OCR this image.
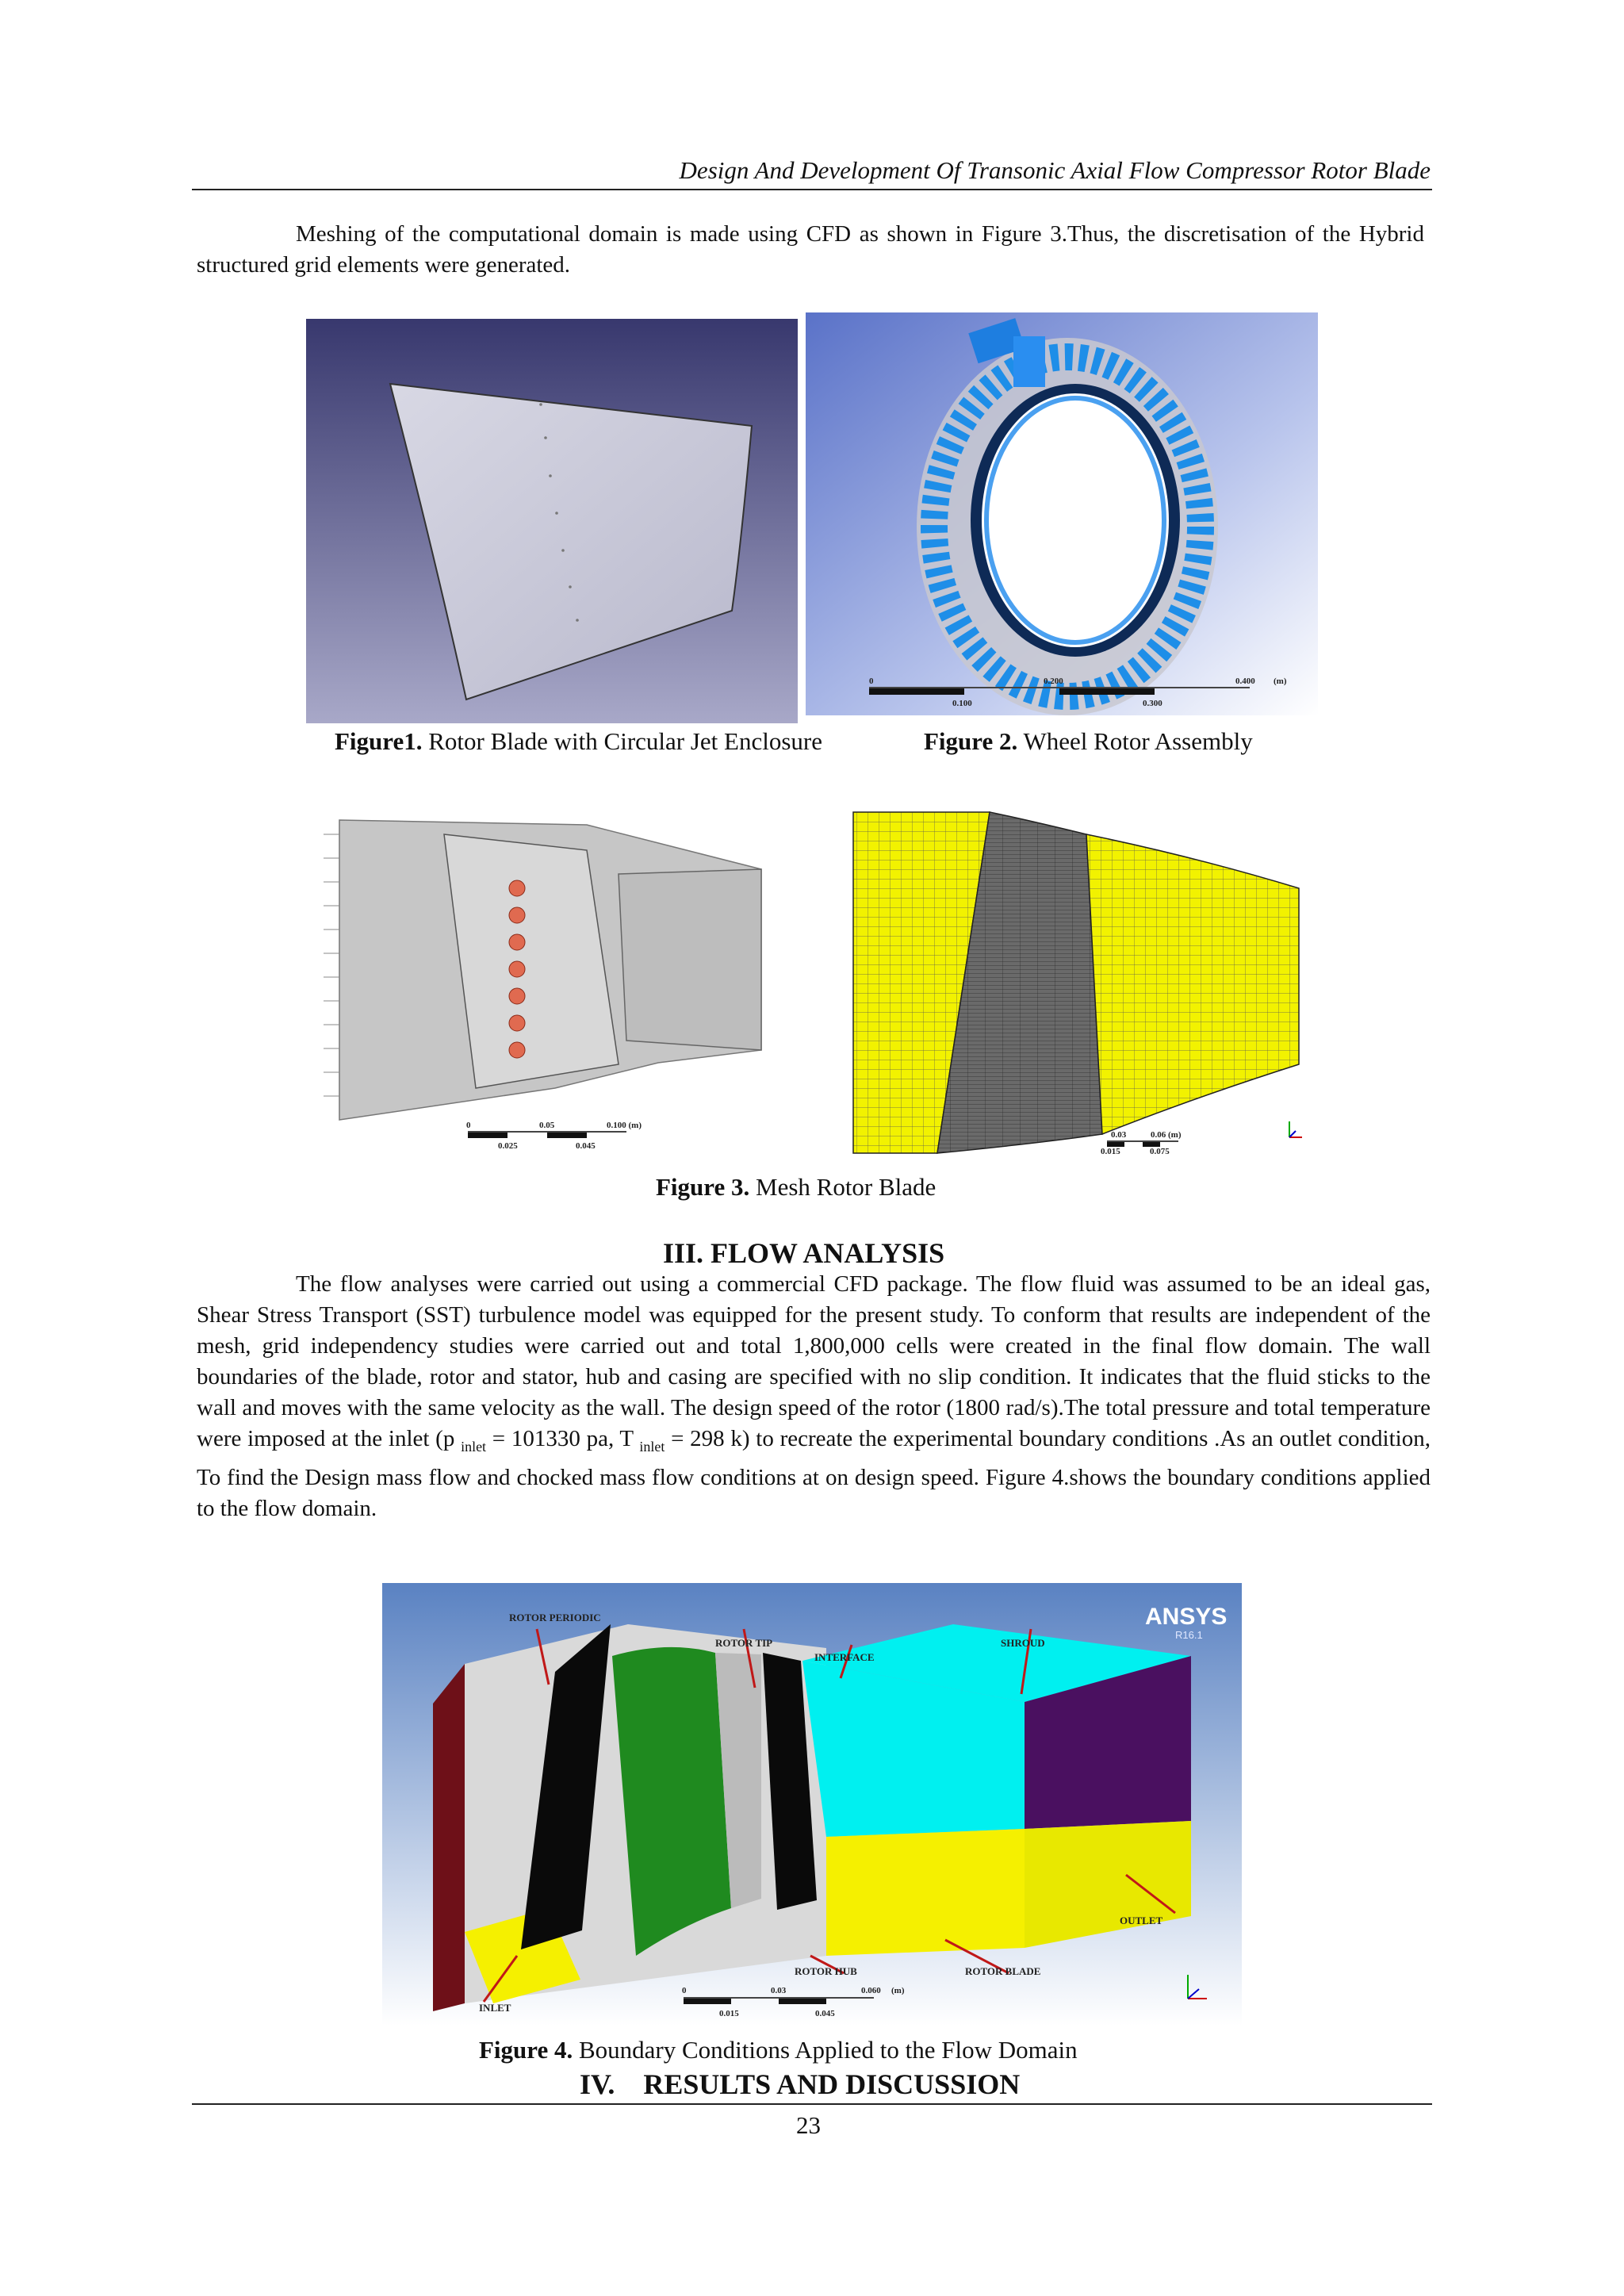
Design And Development Of Transonic Axial Flow Compressor Rotor Blade
Meshing of the computational domain is made using CFD as shown in Figure 3.Thus, the discretisation of the Hybrid structured grid elements were generated.
0	0.200	0.400 (m)
0.100	0.300
Figure1. Rotor Blade with Circular Jet Enclosure	Figure 2. Wheel Rotor Assembly
0	0.05	0.100 (m)
0.025	0.045
0.03	0.06 (m)
0.015	0.075
Figure 3. Mesh Rotor Blade
III. FLOW ANALYSIS
The flow analyses were carried out using a commercial CFD package. The flow fluid was assumed to be an ideal gas, Shear Stress Transport (SST) turbulence model was equipped for the present study. To conform that results are independent of the mesh, grid independency studies were carried out and total 1,800,000 cells were created in the final flow domain. The wall boundaries of the blade, rotor and stator, hub and casing are specified with no slip condition. It indicates that the fluid sticks to the wall and moves with the same velocity as the wall. The design speed of the rotor (1800 rad/s).The total pressure and total temperature were imposed at the inlet (p $_{inlet}$ = 101330 pa, T $_{inlet}$ = 298 k) to recreate the experimental boundary conditions .As an outlet condition, To find the Design mass flow and chocked mass flow conditions at on design speed. Figure 4.shows the boundary conditions applied to the flow domain.
ANSYS
R16.1
ROTOR PERIODIC
ROTOR TIP
INTERFACE
SHROUD
OUTLET
ROTOR HUB	ROTOR BLADE
INLET
0	0.03	0.060 (m)
0.015	0.045
Figure 4. Boundary Conditions Applied to the Flow Domain
IV.    RESULTS AND DISCUSSION
23
